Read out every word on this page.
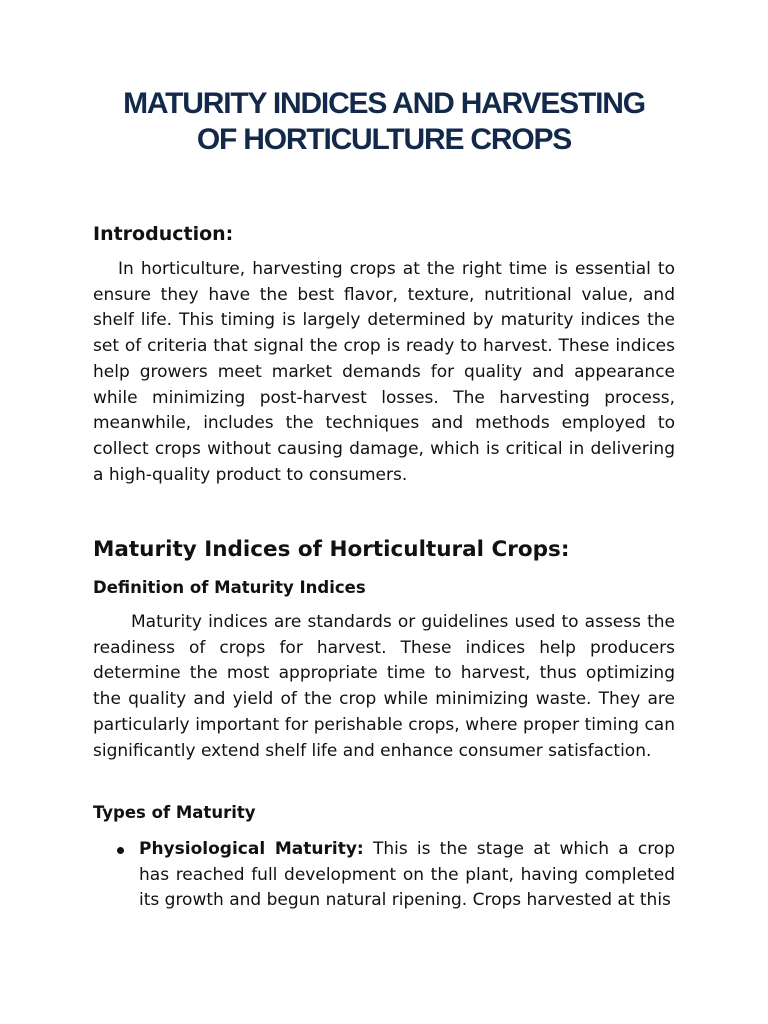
MATURITY INDICES AND HARVESTING
OF HORTICULTURE CROPS
Introduction:

In horticulture, harvesting crops at the right time is essential to ensure they have the best flavor, texture, nutritional value, and shelf life. This timing is largely determined by maturity indices the set of criteria that signal the crop is ready to harvest. These indices help growers meet market demands for quality and appearance while minimizing post-harvest losses. The harvesting process, meanwhile, includes the techniques and methods employed to collect crops without causing damage, which is critical in delivering a high-quality product to consumers.

Maturity Indices of Horticultural Crops:
Definition of Maturity Indices

Maturity indices are standards or guidelines used to assess the readiness of crops for harvest. These indices help producers determine the most appropriate time to harvest, thus optimizing the quality and yield of the crop while minimizing waste. They are particularly important for perishable crops, where proper timing can significantly extend shelf life and enhance consumer satisfaction.

Types of Maturity
Physiological Maturity: This is the stage at which a crop has reached full development on the plant, having completed its growth and begun natural ripening. Crops harvested at this
